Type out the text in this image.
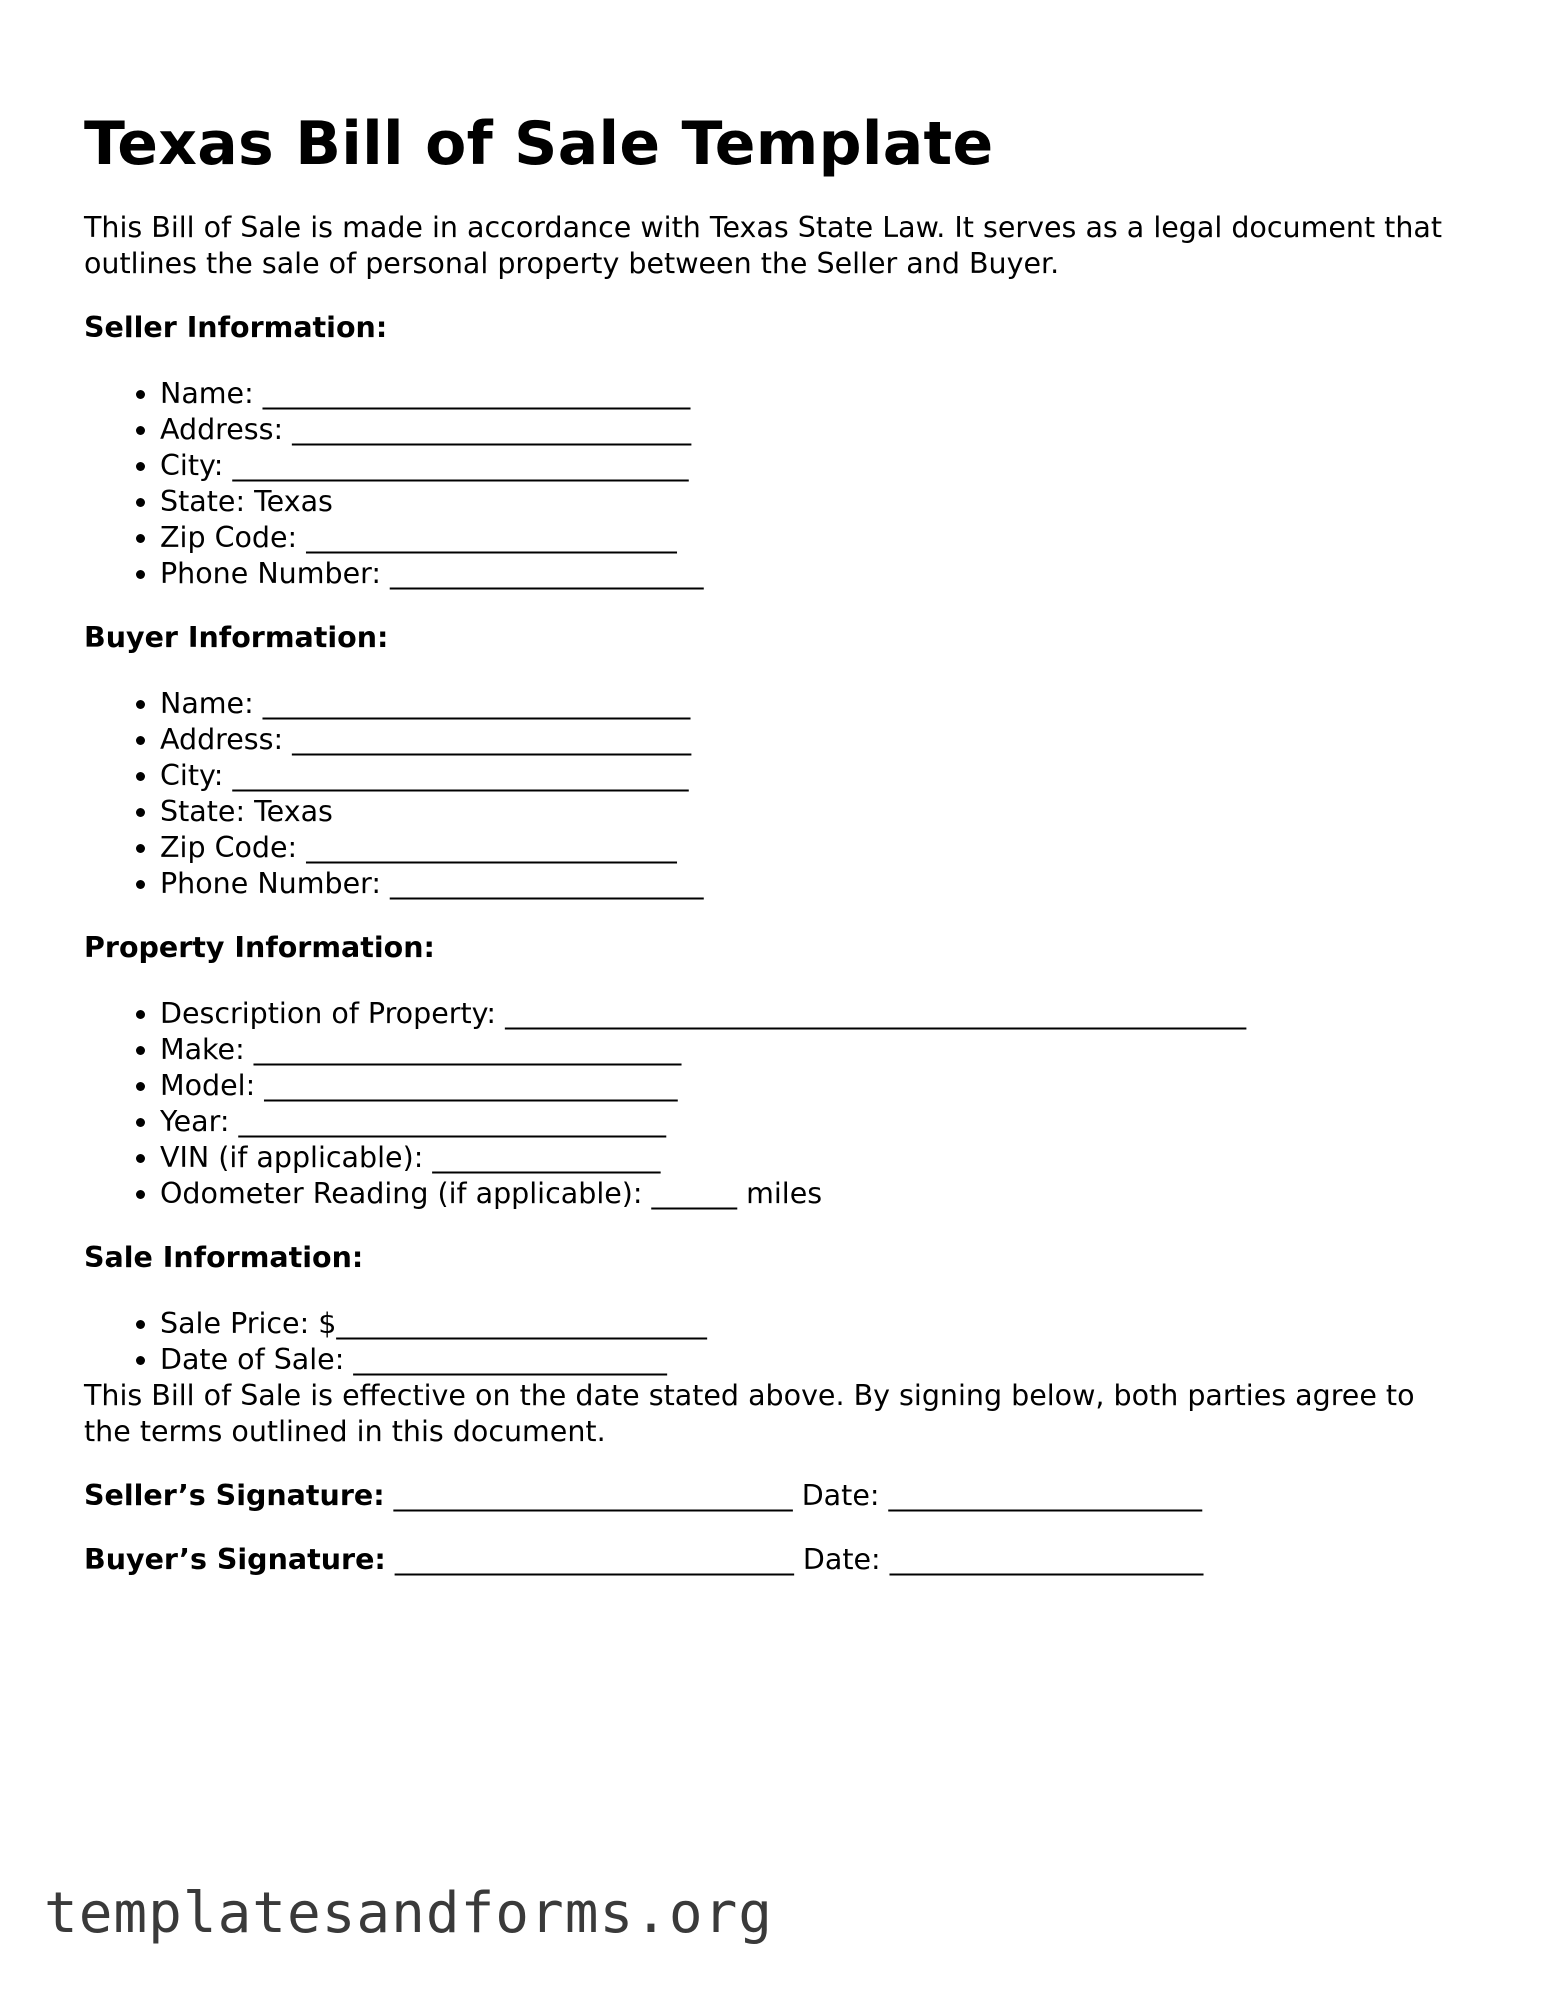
Texas Bill of Sale Template

This Bill of Sale is made in accordance with Texas State Law. It serves as a legal document that outlines the sale of personal property between the Seller and Buyer.

Seller Information:
• Name: ______________________________
• Address: ____________________________
• City: ________________________________
• State: Texas
• Zip Code: __________________________
• Phone Number: ______________________
Buyer Information:
• Name: ______________________________
• Address: ____________________________
• City: ________________________________
• State: Texas
• Zip Code: __________________________
• Phone Number: ______________________
Property Information:
• Description of Property: ____________________________________________________
• Make: ______________________________
• Model: _____________________________
• Year: ______________________________
• VIN (if applicable): ________________
• Odometer Reading (if applicable): ______ miles
Sale Information:
• Sale Price: $__________________________
• Date of Sale: ______________________

This Bill of Sale is effective on the date stated above. By signing below, both parties agree to the terms outlined in this document.

Seller’s Signature: ____________________________ Date: ______________________

Buyer’s Signature: ____________________________ Date: ______________________

templatesandforms.org
